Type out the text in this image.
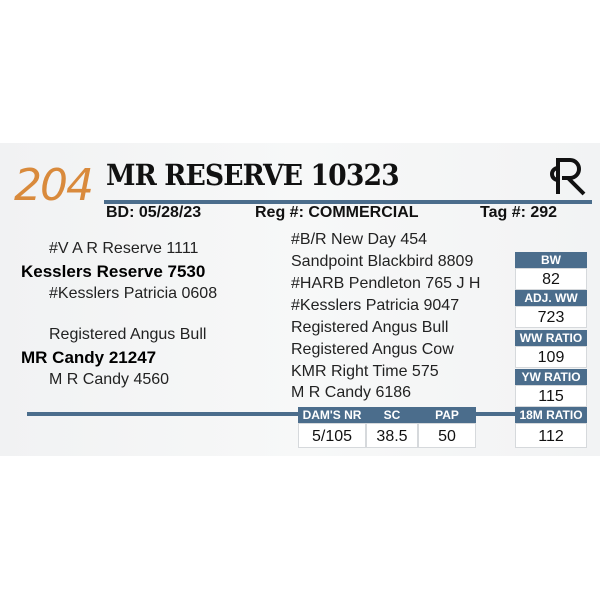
204 MR RESERVE 10323
BD: 05/28/23	Reg #: COMMERCIAL	Tag #: 292
#V A R Reserve 1111
Kesslers Reserve 7530
#Kesslers Patricia 0608
Registered Angus Bull
MR Candy 21247
M R Candy 4560
#B/R New Day 454
Sandpoint Blackbird 8809
#HARB Pendleton 765 J H
#Kesslers Patricia 9047
Registered Angus Bull
Registered Angus Cow
KMR Right Time 575
M R Candy 6186
BW
82
ADJ. WW
723
WW RATIO
109
YW RATIO
115
18M RATIO
112
DAM'S NR
5/105
SC
38.5
PAP
50
